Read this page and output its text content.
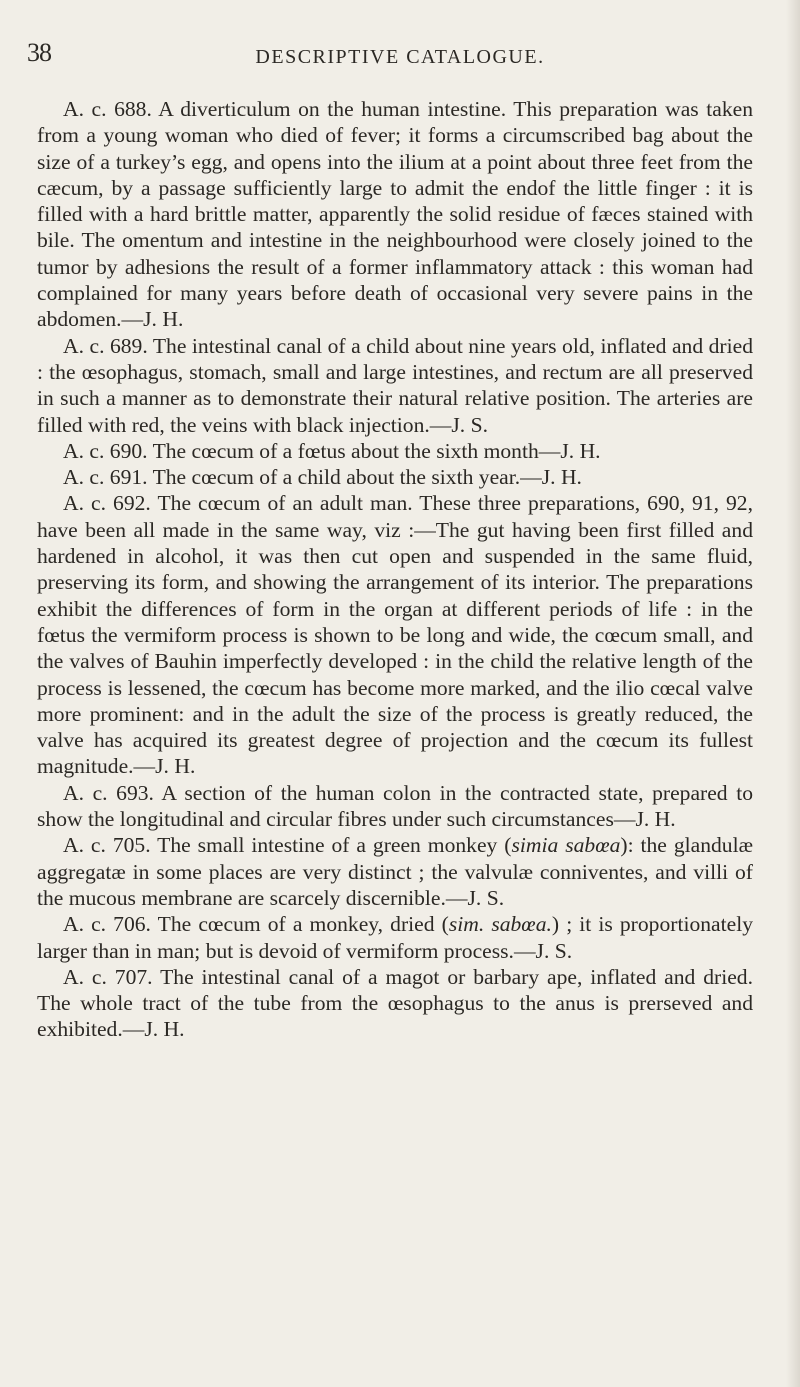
38	DESCRIPTIVE CATALOGUE.

A. c. 688. A diverticulum on the human intestine. This preparation was taken from a young woman who died of fever; it forms a circumscribed bag about the size of a turkey’s egg, and opens into the ilium at a point about three feet from the cæcum, by a passage sufficiently large to admit the endof the little finger : it is filled with a hard brittle matter, apparently the solid residue of fæces stained with bile. The omentum and intestine in the neighbourhood were closely joined to the tumor by adhesions the result of a former inflammatory attack : this woman had complained for many years before death of occasional very severe pains in the abdomen.—J. H.

A. c. 689. The intestinal canal of a child about nine years old, inflated and dried : the œsophagus, stomach, small and large intestines, and rectum are all preserved in such a manner as to demonstrate their natural relative position. The arteries are filled with red, the veins with black injection.—J. S.

A. c. 690. The cœcum of a fœtus about the sixth month—J. H.

A. c. 691. The cœcum of a child about the sixth year.—J. H.

A. c. 692. The cœcum of an adult man. These three preparations, 690, 91, 92, have been all made in the same way, viz :—The gut having been first filled and hardened in alcohol, it was then cut open and suspended in the same fluid, preserving its form, and showing the arrangement of its interior. The preparations exhibit the differences of form in the organ at different periods of life : in the fœtus the vermiform process is shown to be long and wide, the cœcum small, and the valves of Bauhin imperfectly developed : in the child the relative length of the process is lessened, the cœcum has become more marked, and the ilio cœcal valve more prominent: and in the adult the size of the process is greatly reduced, the valve has acquired its greatest degree of projection and the cœcum its fullest magnitude.—J. H.

A. c. 693. A section of the human colon in the contracted state, prepared to show the longitudinal and circular fibres under such circumstances—J. H.

A. c. 705. The small intestine of a green monkey (simia sabœa): the glandulæ aggregatæ in some places are very distinct ; the valvulæ conniventes, and villi of the mucous membrane are scarcely discernible.—J. S.

A. c. 706. The cœcum of a monkey, dried (sim. sabœa.) ; it is proportionately larger than in man; but is devoid of vermiform process.—J. S.

A. c. 707. The intestinal canal of a magot or barbary ape, inflated and dried. The whole tract of the tube from the œsophagus to the anus is prerseved and exhibited.—J. H.
